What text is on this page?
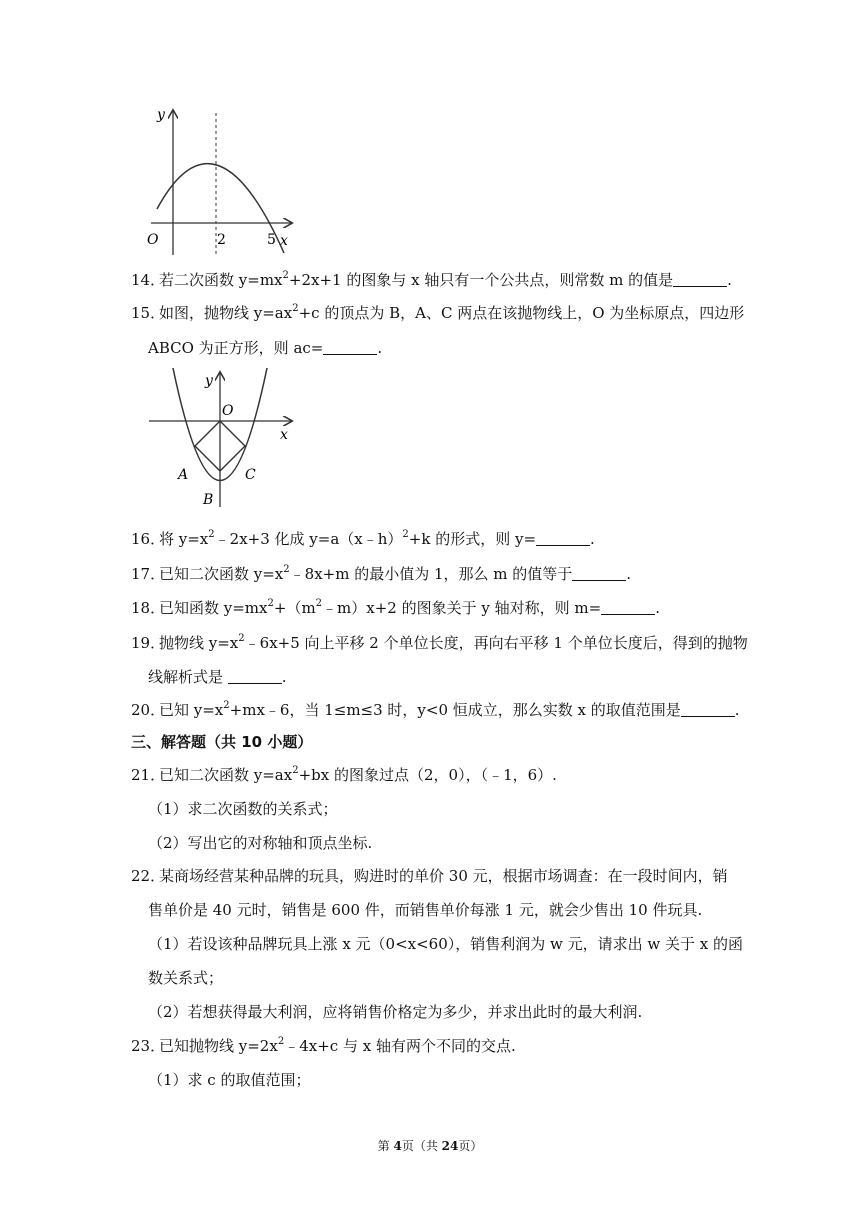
y
O	2	5 x
14．若二次函数 $y=mx^2+2x+1$ 的图象与 x 轴只有一个公共点，则常数 m 的值是	.
15．如图，抛物线 $y=ax^2+c$ 的顶点为 B，A、C 两点在该抛物线上，O 为坐标原点，四边形
ABCO 为正方形，则 ac=	.
y
x
O
A
B
C
16．将 $y=x^2﹣2x+3$ 化成 y=a（x﹣h）$^2$+k 的形式，则 y=	.
17．已知二次函数 $y=x^2﹣8x+m$ 的最小值为 1，那么 m 的值等于	.
18．已知函数 $y=mx^2+(m^2﹣m)x+2$ 的图象关于 y 轴对称，则 m=	.
19．抛物线 $y=x^2﹣6x+5$ 向上平移 2 个单位长度，再向右平移 1 个单位长度后，得到的抛物
线解析式是	.
20．已知 $y=x^2+mx﹣6$，当 1≤m≤3 时，y<0 恒成立，那么实数 x 的取值范围是	.
三、解答题（共 10 小题）
21．已知二次函数 $y=ax^2+bx$ 的图象过点（2，0），（﹣1，6）.
（1）求二次函数的关系式；
（2）写出它的对称轴和顶点坐标.
22．某商场经营某种品牌的玩具，购进时的单价 30 元，根据市场调查：在一段时间内，销
售单价是 40 元时，销售是 600 件，而销售单价每涨 1 元，就会少售出 10 件玩具.
（1）若设该种品牌玩具上涨 x 元（0<x<60），销售利润为 w 元，请求出 w 关于 x 的函
数关系式；
（2）若想获得最大利润，应将销售价格定为多少，并求出此时的最大利润.
23．已知抛物线 $y=2x^2﹣4x+c$ 与 x 轴有两个不同的交点.
（1）求 c 的取值范围；
第 4页（共 24页）
